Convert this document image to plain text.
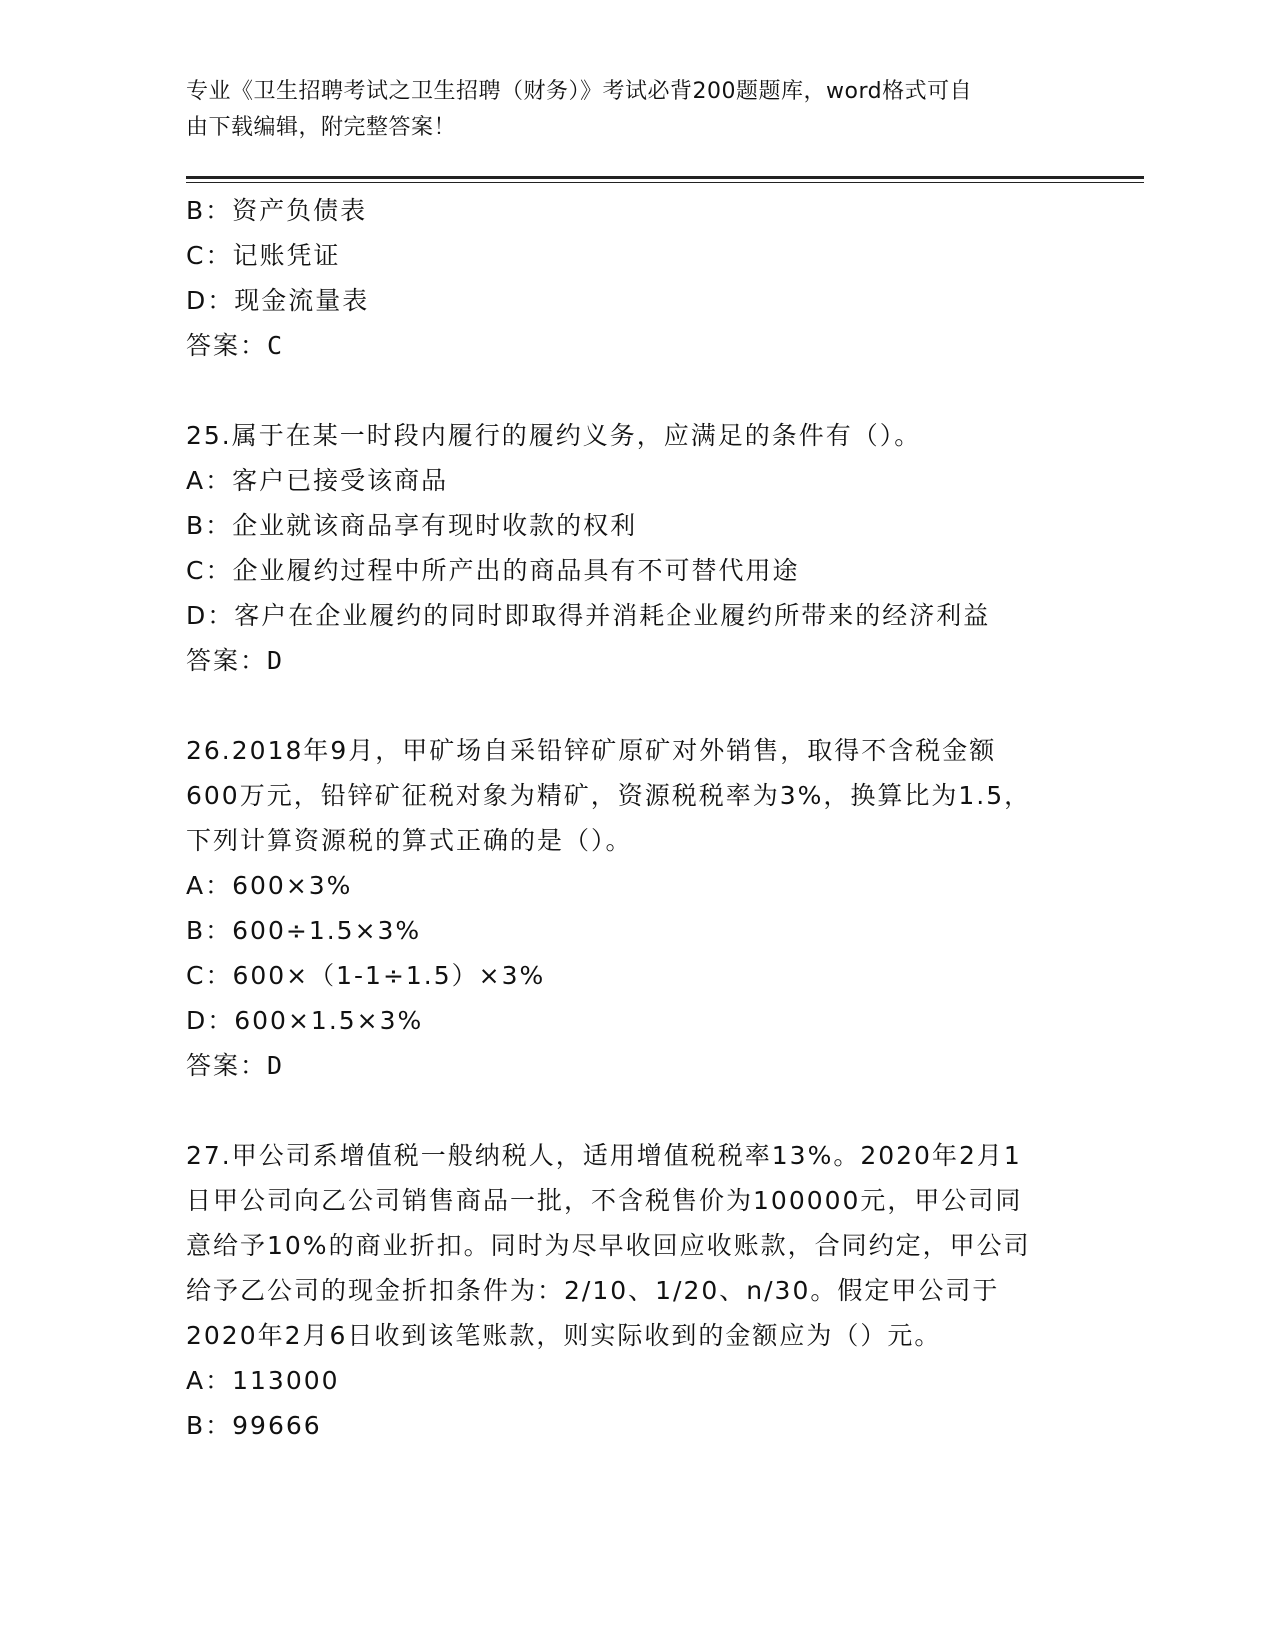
专业《卫生招聘考试之卫生招聘（财务）》考试必背200题题库，word格式可自
由下载编辑，附完整答案！
B：资产负债表
C：记账凭证
D：现金流量表
答案：C
25.属于在某一时段内履行的履约义务，应满足的条件有（）。
A：客户已接受该商品
B：企业就该商品享有现时收款的权利
C：企业履约过程中所产出的商品具有不可替代用途
D：客户在企业履约的同时即取得并消耗企业履约所带来的经济利益
答案：D
26.2018年9月，甲矿场自采铅锌矿原矿对外销售，取得不含税金额
600万元，铅锌矿征税对象为精矿，资源税税率为3%，换算比为1.5，
下列计算资源税的算式正确的是（）。
A：600×3%
B：600÷1.5×3%
C：600×（1-1÷1.5）×3%
D：600×1.5×3%
答案：D
27.甲公司系增值税一般纳税人，适用增值税税率13%。2020年2月1
日甲公司向乙公司销售商品一批，不含税售价为100000元，甲公司同
意给予10%的商业折扣。同时为尽早收回应收账款，合同约定，甲公司
给予乙公司的现金折扣条件为：2/10、1/20、n/30。假定甲公司于
2020年2月6日收到该笔账款，则实际收到的金额应为（）元。
A：113000
B：99666
